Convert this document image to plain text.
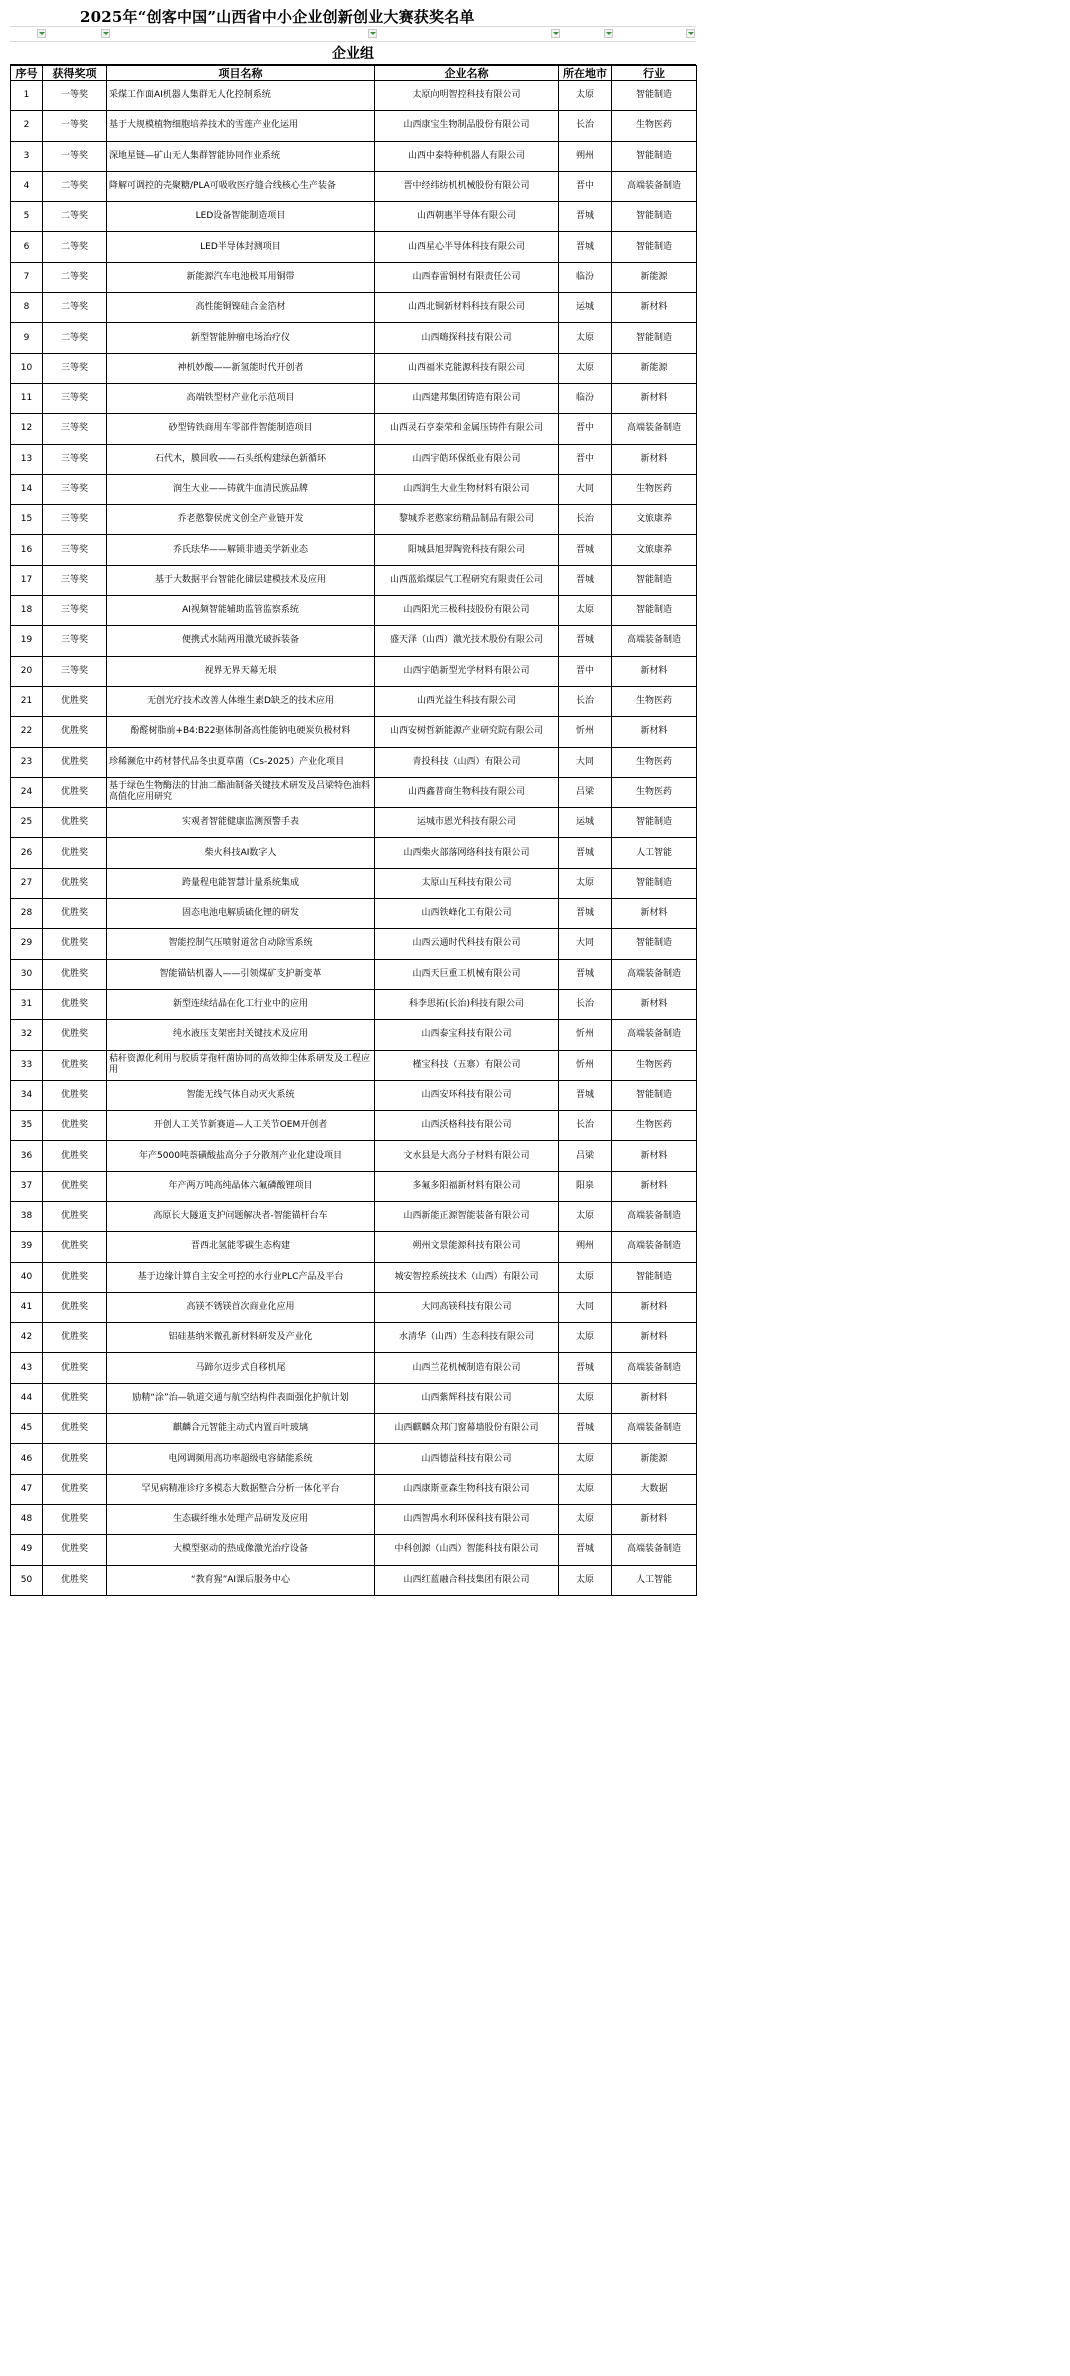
2025年“创客中国”山西省中小企业创新创业大赛获奖名单
企业组
序号	获得奖项	项目名称	企业名称	所在地市	行业
1	一等奖	采煤工作面AI机器人集群无人化控制系统	太原向明智控科技有限公司	太原	智能制造
2	一等奖	基于大规模植物细胞培养技术的雪莲产业化运用	山西康宝生物制品股份有限公司	长治	生物医药
3	一等奖	深地星链—矿山无人集群智能协同作业系统	山西中泰特种机器人有限公司	朔州	智能制造
4	二等奖	降解可调控的壳聚糖/PLA可吸收医疗缝合线核心生产装备	晋中经纬纺机机械股份有限公司	晋中	高端装备制造
5	二等奖	LED设备智能制造项目	山西朝惠半导体有限公司	晋城	智能制造
6	二等奖	LED半导体封测项目	山西星心半导体科技有限公司	晋城	智能制造
7	二等奖	新能源汽车电池极耳用铜带	山西春雷铜材有限责任公司	临汾	新能源
8	二等奖	高性能铜镍硅合金箔材	山西北铜新材料科技有限公司	运城	新材料
9	二等奖	新型智能肿瘤电场治疗仪	山西嗨探科技有限公司	太原	智能制造
10	三等奖	神机妙酸——新氢能时代开创者	山西福米克能源科技有限公司	太原	新能源
11	三等奖	高端铁型材产业化示范项目	山西建邦集团铸造有限公司	临汾	新材料
12	三等奖	砂型铸铁商用车零部件智能制造项目	山西灵石亨泰荣和金属压铸件有限公司	晋中	高端装备制造
13	三等奖	石代木，膜回收——石头纸构建绿色新循环	山西宇皓环保纸业有限公司	晋中	新材料
14	三等奖	润生大业——铸就牛血清民族品牌	山西润生大业生物材料有限公司	大同	生物医药
15	三等奖	乔老憨黎侯虎文创全产业链开发	黎城乔老憨家纺精品制品有限公司	长治	文旅康养
16	三等奖	乔氏珐华——解锁非遗美学新业态	阳城县旭羿陶瓷科技有限公司	晋城	文旅康养
17	三等奖	基于大数据平台智能化储层建模技术及应用	山西蓝焰煤层气工程研究有限责任公司	晋城	智能制造
18	三等奖	AI视频智能辅助监管监察系统	山西阳光三极科技股份有限公司	太原	智能制造
19	三等奖	便携式水陆两用激光破拆装备	盛天泽（山西）激光技术股份有限公司	晋城	高端装备制造
20	三等奖	视界无界天幕无垠	山西宇皓新型光学材料有限公司	晋中	新材料
21	优胜奖	无创光疗技术改善人体维生素D缺乏的技术应用	山西光益生科技有限公司	长治	生物医药
22	优胜奖	酚醛树脂前+B4:B22驱体制备高性能钠电硬炭负极材料	山西安树哲新能源产业研究院有限公司	忻州	新材料
23	优胜奖	珍稀濒危中药材替代品冬虫夏草菌（Cs-2025）产业化项目	青投科技（山西）有限公司	大同	生物医药
24	优胜奖	基于绿色生物酶法的甘油二酯油制备关键技术研发及吕梁特色油料高值化应用研究	山西鑫普商生物科技有限公司	吕梁	生物医药
25	优胜奖	实观者智能健康监测预警手表	运城市恩光科技有限公司	运城	智能制造
26	优胜奖	柴火科技AI数字人	山西柴火部落网络科技有限公司	晋城	人工智能
27	优胜奖	跨量程电能智慧计量系统集成	太原山互科技有限公司	太原	智能制造
28	优胜奖	固态电池电解质硫化锂的研发	山西铁峰化工有限公司	晋城	新材料
29	优胜奖	智能控制气压喷射道岔自动除雪系统	山西云通时代科技有限公司	大同	智能制造
30	优胜奖	智能锚钻机器人——引领煤矿支护新变革	山西天巨重工机械有限公司	晋城	高端装备制造
31	优胜奖	新型连续结晶在化工行业中的应用	科李思拓(长治)科技有限公司	长治	新材料
32	优胜奖	纯水液压支架密封关键技术及应用	山西泰宝科技有限公司	忻州	高端装备制造
33	优胜奖	秸秆资源化利用与胶质芽孢杆菌协同的高效抑尘体系研发及工程应用	槿宝科技（五寨）有限公司	忻州	生物医药
34	优胜奖	智能无线气体自动灭火系统	山西安环科技有限公司	晋城	智能制造
35	优胜奖	开创人工关节新赛道—人工关节OEM开创者	山西沃格科技有限公司	长治	生物医药
36	优胜奖	年产5000吨萘磺酸盐高分子分散剂产业化建设项目	文水县是大高分子材料有限公司	吕梁	新材料
37	优胜奖	年产两万吨高纯晶体六氟磷酸锂项目	多氟多阳福新材料有限公司	阳泉	新材料
38	优胜奖	高原长大隧道支护问题解决者-智能锚杆台车	山西新能正源智能装备有限公司	太原	高端装备制造
39	优胜奖	晋西北氢能零碳生态构建	朔州文景能源科技有限公司	朔州	高端装备制造
40	优胜奖	基于边缘计算自主安全可控的水行业PLC产品及平台	城安智控系统技术（山西）有限公司	太原	智能制造
41	优胜奖	高镁不锈镁首次商业化应用	大同高镁科技有限公司	大同	新材料
42	优胜奖	铝硅基纳米微孔新材料研发及产业化	水清华（山西）生态科技有限公司	太原	新材料
43	优胜奖	马蹄尔迈步式自移机尾	山西兰花机械制造有限公司	晋城	高端装备制造
44	优胜奖	励精“涂”治—轨道交通与航空结构件表面强化护航计划	山西紫辉科技有限公司	太原	新材料
45	优胜奖	麒麟合元智能主动式内置百叶玻璃	山西麒麟众邦门窗幕墙股份有限公司	晋城	高端装备制造
46	优胜奖	电网调频用高功率超级电容储能系统	山西德益科技有限公司	太原	新能源
47	优胜奖	罕见病精准诊疗多模态大数据整合分析一体化平台	山西康斯亚森生物科技有限公司	太原	大数据
48	优胜奖	生态碳纤维水处理产品研发及应用	山西智禹水利环保科技有限公司	太原	新材料
49	优胜奖	大模型驱动的热成像激光治疗设备	中科创源（山西）智能科技有限公司	晋城	高端装备制造
50	优胜奖	“教育猩”AI课后服务中心	山西红蓝融合科技集团有限公司	太原	人工智能
